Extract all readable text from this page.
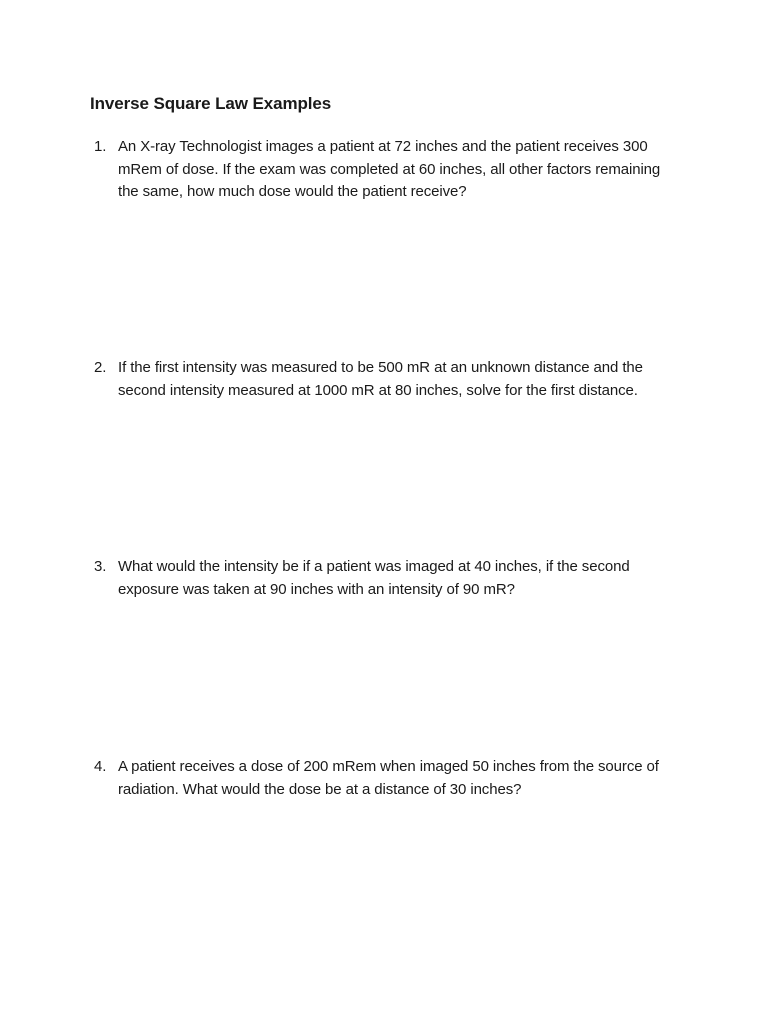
Inverse Square Law Examples
1. An X-ray Technologist images a patient at 72 inches and the patient receives 300 mRem of dose. If the exam was completed at 60 inches, all other factors remaining the same, how much dose would the patient receive?
2. If the first intensity was measured to be 500 mR at an unknown distance and the second intensity measured at 1000 mR at 80 inches, solve for the first distance.
3. What would the intensity be if a patient was imaged at 40 inches, if the second exposure was taken at 90 inches with an intensity of 90 mR?
4. A patient receives a dose of 200 mRem when imaged 50 inches from the source of radiation. What would the dose be at a distance of 30 inches?
